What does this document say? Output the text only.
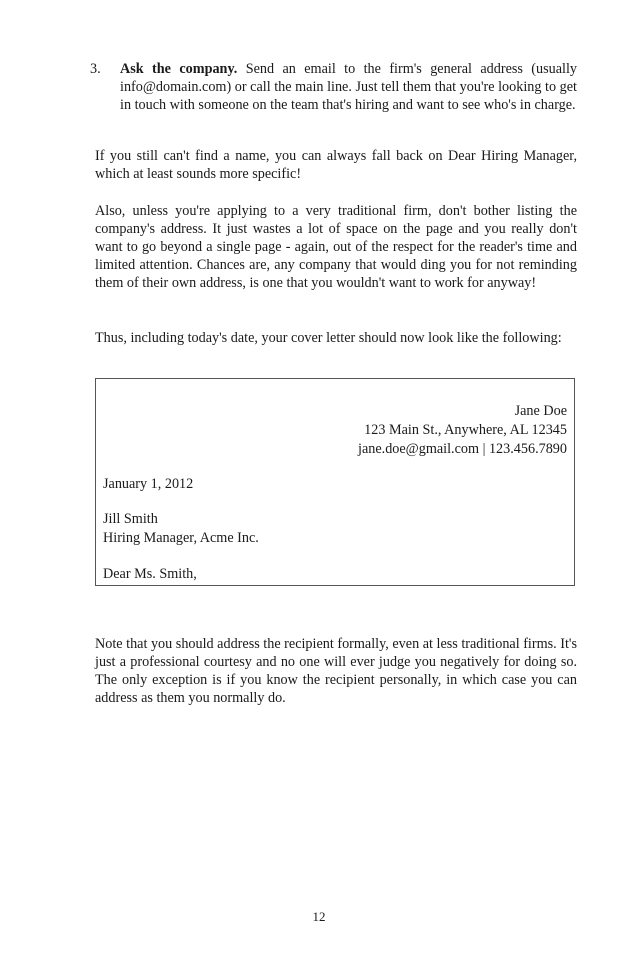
3. Ask the company. Send an email to the firm's general address (usually info@domain.com) or call the main line. Just tell them that you're looking to get in touch with someone on the team that's hiring and want to see who's in charge.

If you still can't find a name, you can always fall back on Dear Hiring Manager, which at least sounds more specific!

Also, unless you're applying to a very traditional firm, don't bother listing the company's address. It just wastes a lot of space on the page and you really don't want to go beyond a single page - again, out of the respect for the reader's time and limited attention. Chances are, any company that would ding you for not reminding them of their own address, is one that you wouldn't want to work for anyway!

Thus, including today's date, your cover letter should now look like the following:

Jane Doe
123 Main St., Anywhere, AL 12345
jane.doe@gmail.com | 123.456.7890
January 1, 2012
Jill Smith
Hiring Manager, Acme Inc.
Dear Ms. Smith,

Note that you should address the recipient formally, even at less traditional firms. It's just a professional courtesy and no one will ever judge you negatively for doing so. The only exception is if you know the recipient personally, in which case you can address as them you normally do.

12
